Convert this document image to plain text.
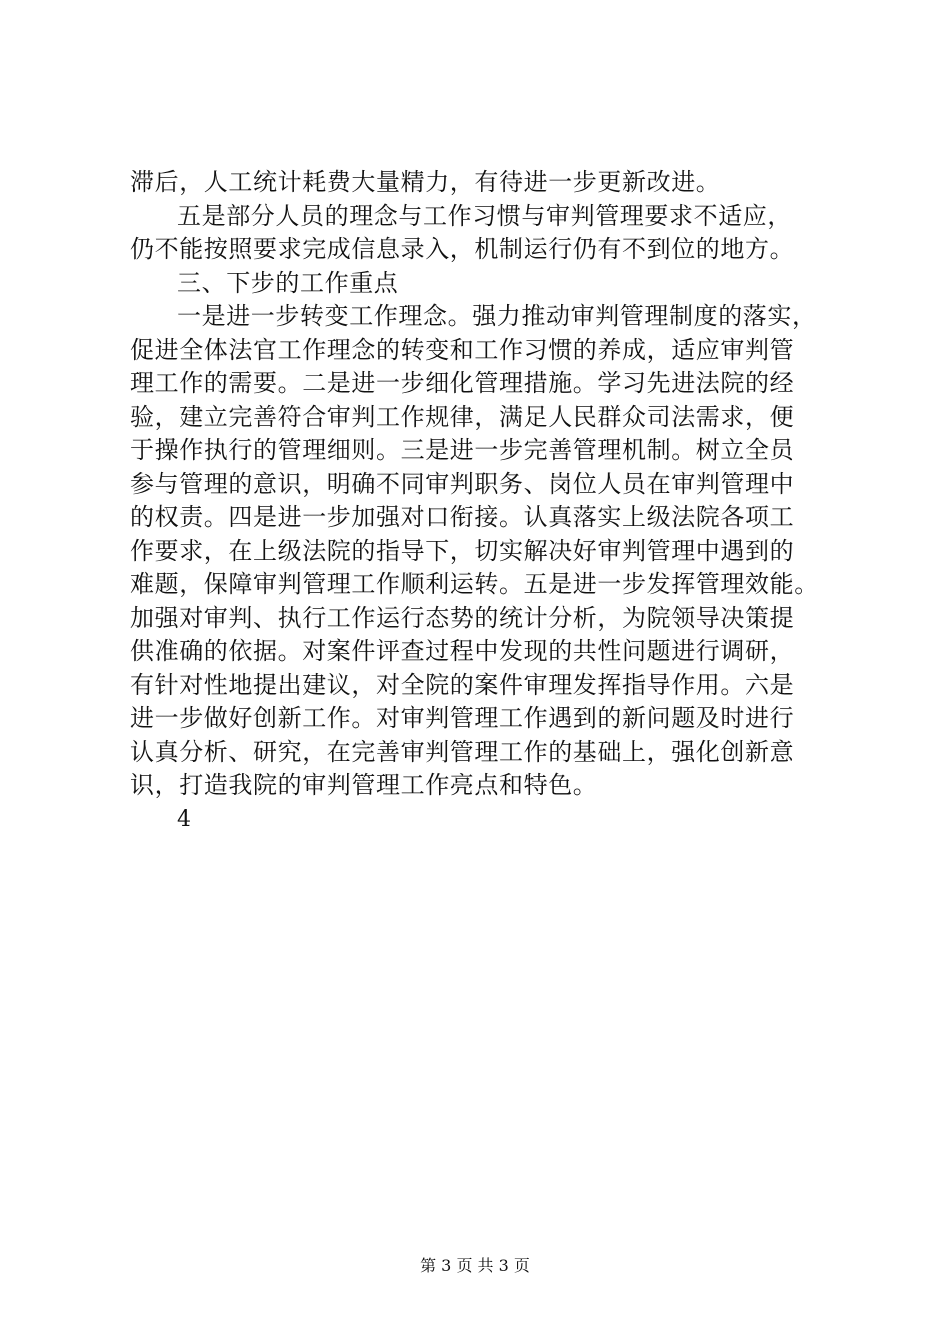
滞后，人工统计耗费大量精力，有待进一步更新改进。
五是部分人员的理念与工作习惯与审判管理要求不适应，
仍不能按照要求完成信息录入，机制运行仍有不到位的地方。
三、下步的工作重点
一是进一步转变工作理念。强力推动审判管理制度的落实，
促进全体法官工作理念的转变和工作习惯的养成，适应审判管
理工作的需要。二是进一步细化管理措施。学习先进法院的经
验，建立完善符合审判工作规律，满足人民群众司法需求，便
于操作执行的管理细则。三是进一步完善管理机制。树立全员
参与管理的意识，明确不同审判职务、岗位人员在审判管理中
的权责。四是进一步加强对口衔接。认真落实上级法院各项工
作要求，在上级法院的指导下，切实解决好审判管理中遇到的
难题，保障审判管理工作顺利运转。五是进一步发挥管理效能。
加强对审判、执行工作运行态势的统计分析，为院领导决策提
供准确的依据。对案件评查过程中发现的共性问题进行调研，
有针对性地提出建议，对全院的案件审理发挥指导作用。六是
进一步做好创新工作。对审判管理工作遇到的新问题及时进行
认真分析、研究，在完善审判管理工作的基础上，强化创新意
识，打造我院的审判管理工作亮点和特色。
4
第 3 页 共 3 页
